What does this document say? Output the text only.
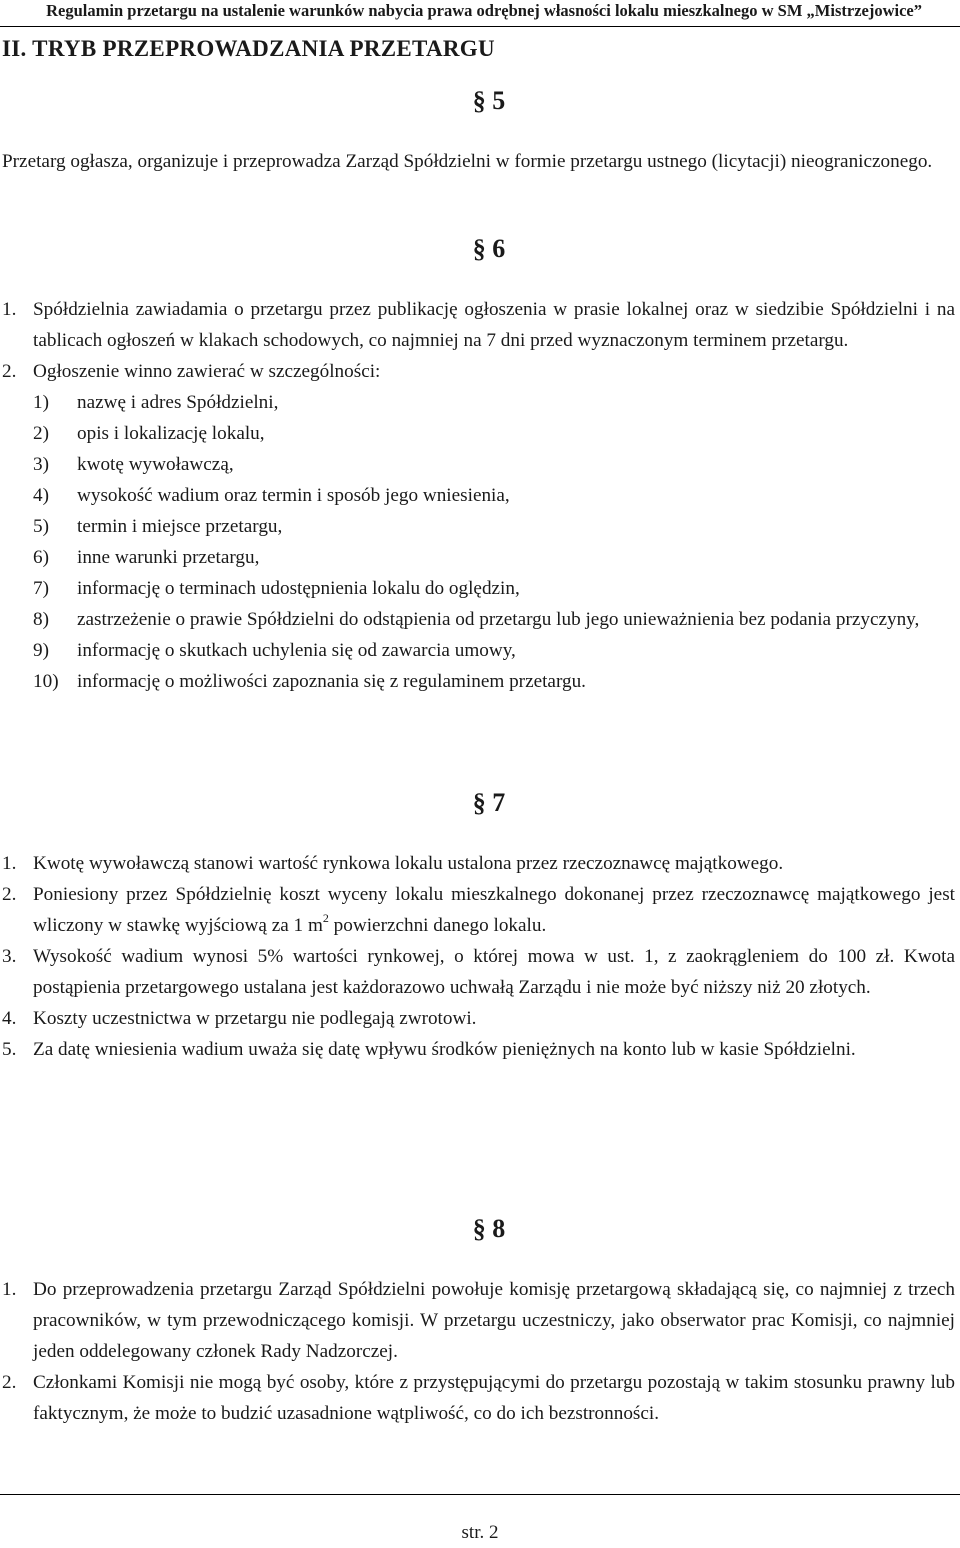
Regulamin przetargu na ustalenie warunków nabycia prawa odrębnej własności lokalu mieszkalnego w SM „Mistrzejowice”
II. TRYB PRZEPROWADZANIA PRZETARGU
§ 5
Przetarg ogłasza, organizuje i przeprowadza Zarząd Spółdzielni w formie przetargu ustnego (licytacji) nieograniczonego.
§ 6
1. Spółdzielnia zawiadamia o przetargu przez publikację ogłoszenia w prasie lokalnej oraz w siedzibie Spółdzielni i na tablicach ogłoszeń w klakach schodowych, co najmniej na 7 dni przed wyznaczonym terminem przetargu.
2. Ogłoszenie winno zawierać w szczególności:
1)	nazwę i adres Spółdzielni,
2)	opis i lokalizację lokalu,
3)	kwotę wywoławczą,
4)	wysokość wadium oraz termin i sposób jego wniesienia,
5)	termin i miejsce przetargu,
6)	inne warunki przetargu,
7)	informację o terminach udostępnienia lokalu do oględzin,
8)	zastrzeżenie o prawie Spółdzielni do odstąpienia od przetargu lub jego unieważnienia bez podania przyczyny,
9)	informację o skutkach uchylenia się od zawarcia umowy,
10) informację o możliwości zapoznania się z regulaminem przetargu.
§ 7
1. Kwotę wywoławczą stanowi wartość rynkowa lokalu ustalona przez rzeczoznawcę majątkowego.
2. Poniesiony przez Spółdzielnię koszt wyceny lokalu mieszkalnego dokonanej przez rzeczoznawcę majątkowego jest wliczony w stawkę wyjściową za 1 $m^2$ powierzchni danego lokalu.
3. Wysokość wadium wynosi 5% wartości rynkowej, o której mowa w ust. 1, z zaokrągleniem do 100 zł. Kwota postąpienia przetargowego ustalana jest każdorazowo uchwałą Zarządu i nie może być niższy niż 20 złotych.
4. Koszty uczestnictwa w przetargu nie podlegają zwrotowi.
5. Za datę wniesienia wadium uważa się datę wpływu środków pieniężnych na konto lub w kasie Spółdzielni.
§ 8
1. Do przeprowadzenia przetargu Zarząd Spółdzielni powołuje komisję przetargową składającą się, co najmniej z trzech pracowników, w tym przewodniczącego komisji. W przetargu uczestniczy, jako obserwator prac Komisji, co najmniej jeden oddelegowany członek Rady Nadzorczej.
2. Członkami Komisji nie mogą być osoby, które z przystępującymi do przetargu pozostają w takim stosunku prawny lub faktycznym, że może to budzić uzasadnione wątpliwość, co do ich bezstronności.
str. 2
